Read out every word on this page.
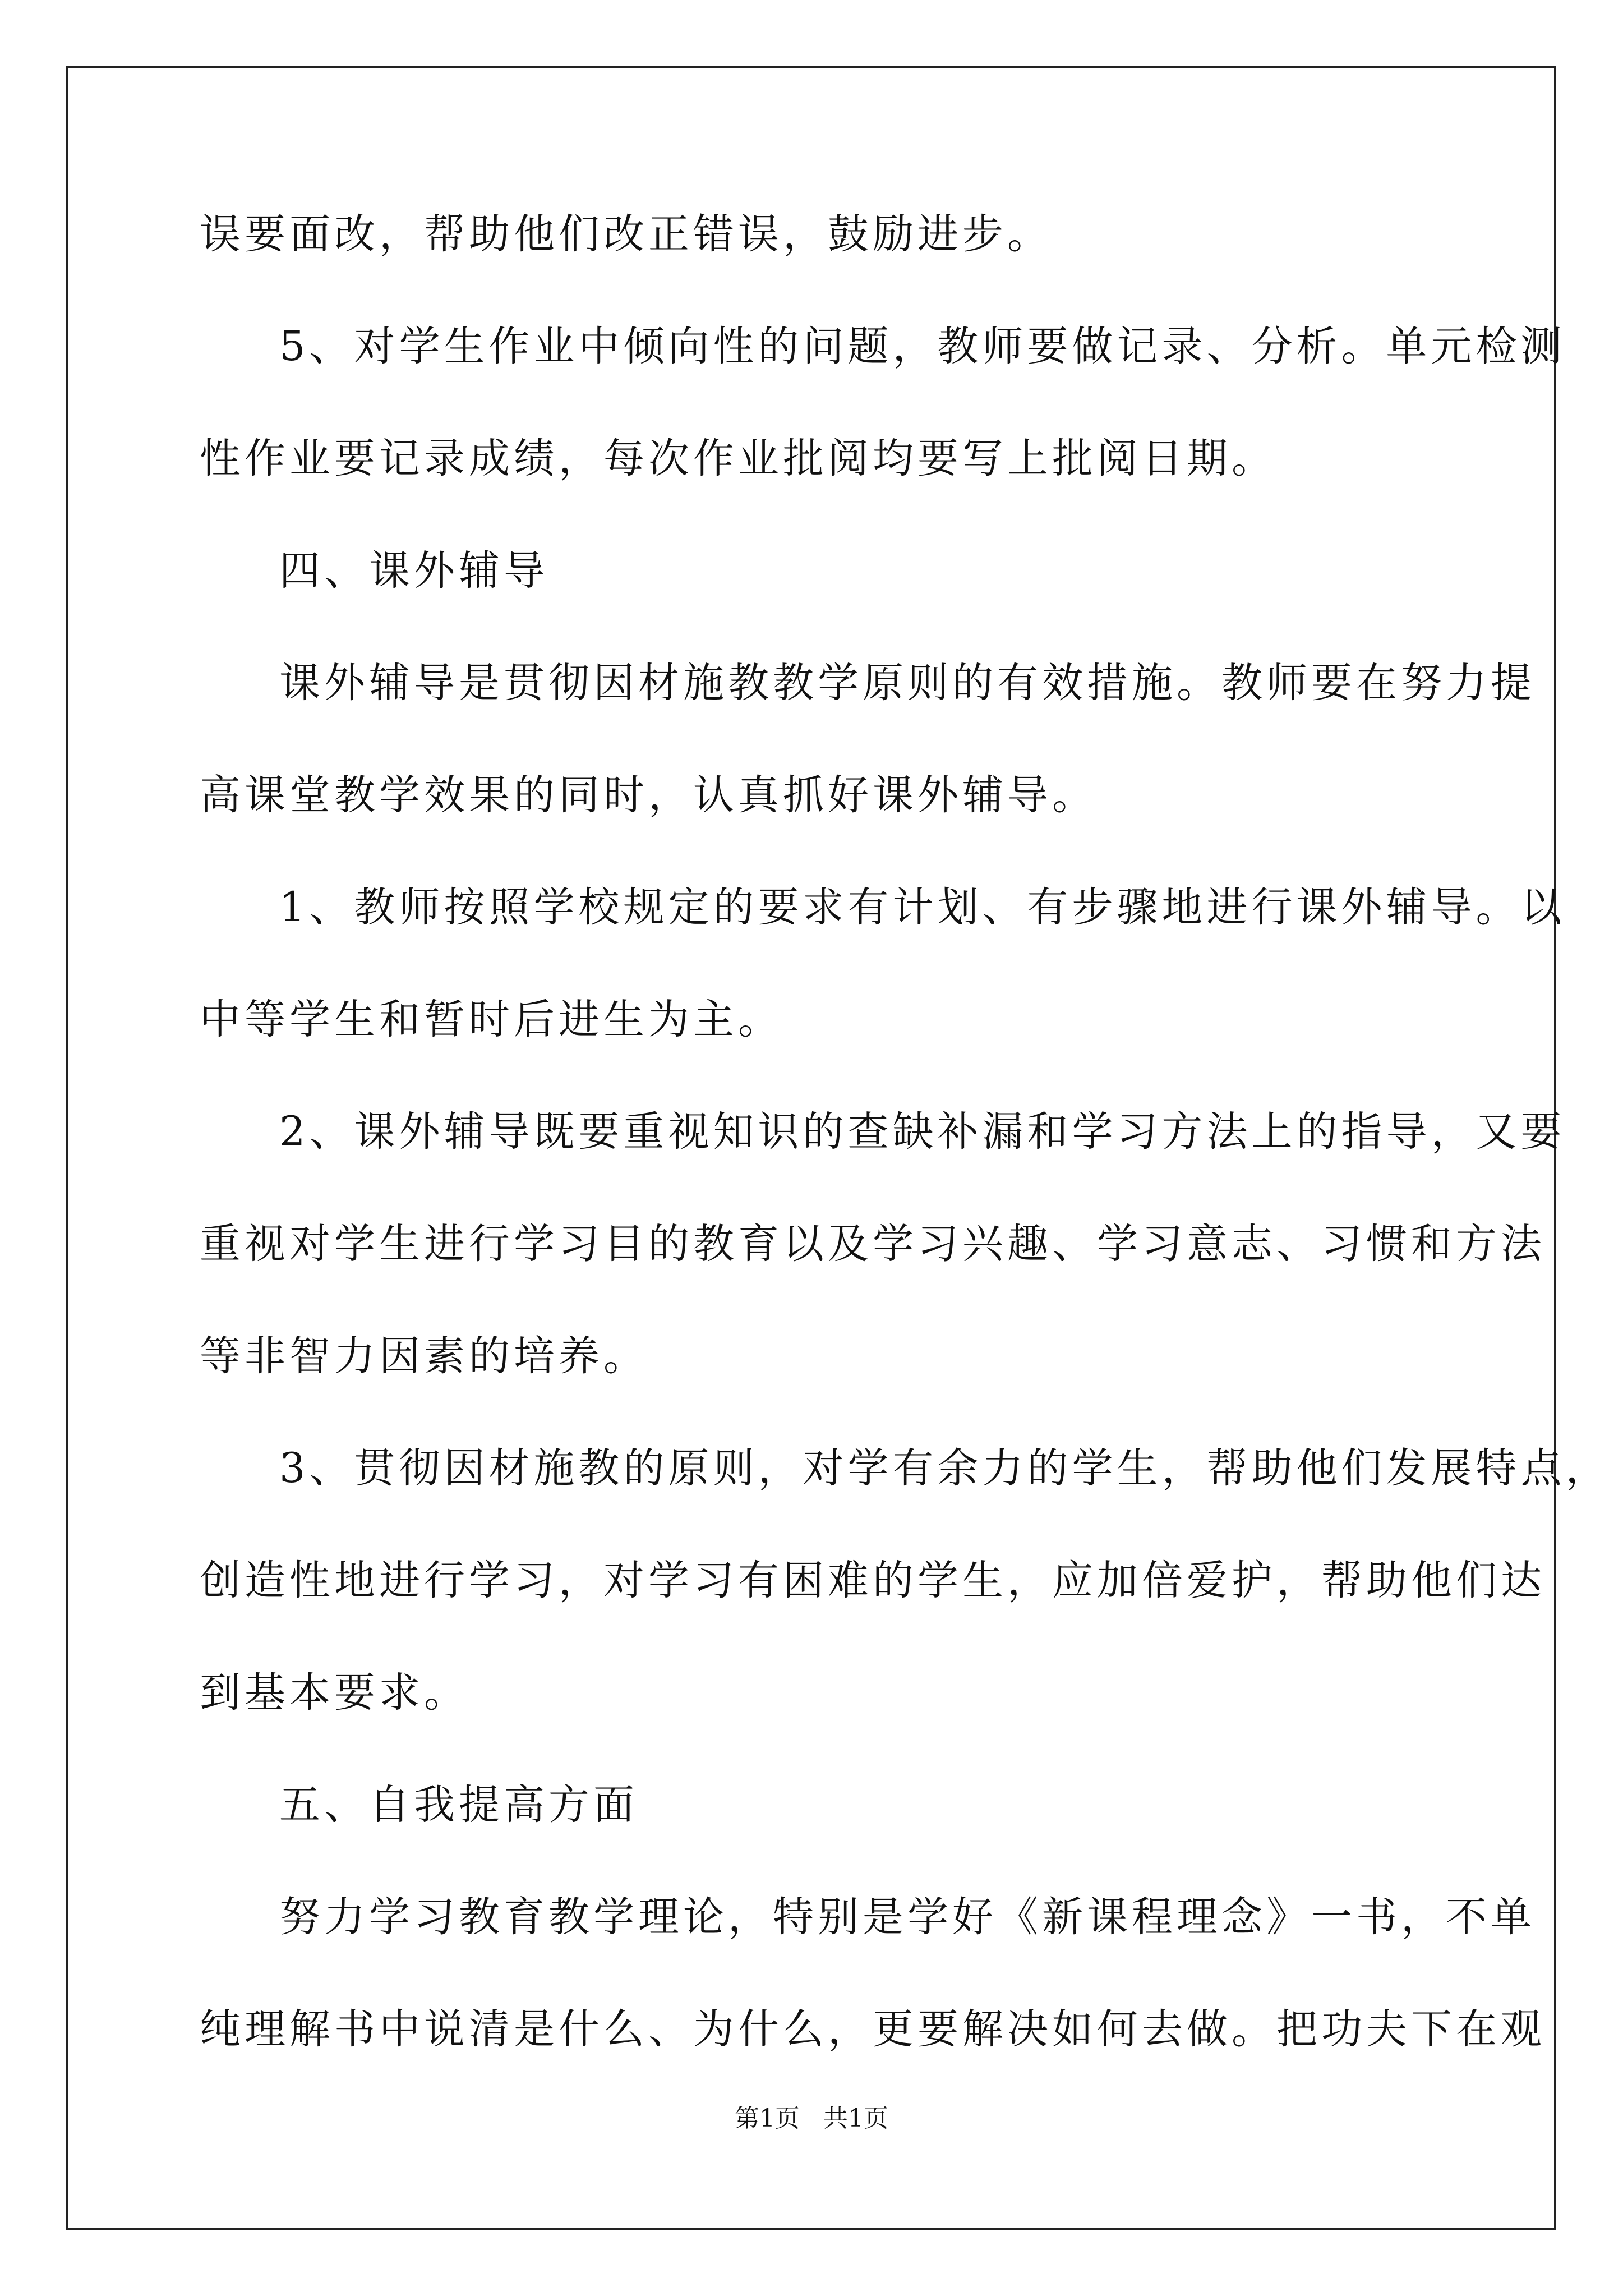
误要面改，帮助他们改正错误，鼓励进步。
5、对学生作业中倾向性的问题，教师要做记录、分析。单元检测
性作业要记录成绩，每次作业批阅均要写上批阅日期。
四、课外辅导
课外辅导是贯彻因材施教教学原则的有效措施。教师要在努力提
高课堂教学效果的同时，认真抓好课外辅导。
1、教师按照学校规定的要求有计划、有步骤地进行课外辅导。以
中等学生和暂时后进生为主。
2、课外辅导既要重视知识的查缺补漏和学习方法上的指导，又要
重视对学生进行学习目的教育以及学习兴趣、学习意志、习惯和方法
等非智力因素的培养。
3、贯彻因材施教的原则，对学有余力的学生，帮助他们发展特点，
创造性地进行学习，对学习有困难的学生，应加倍爱护，帮助他们达
到基本要求。
五、自我提高方面
努力学习教育教学理论，特别是学好《新课程理念》一书，不单
纯理解书中说清是什么、为什么，更要解决如何去做。把功夫下在观
第1页   共1页
